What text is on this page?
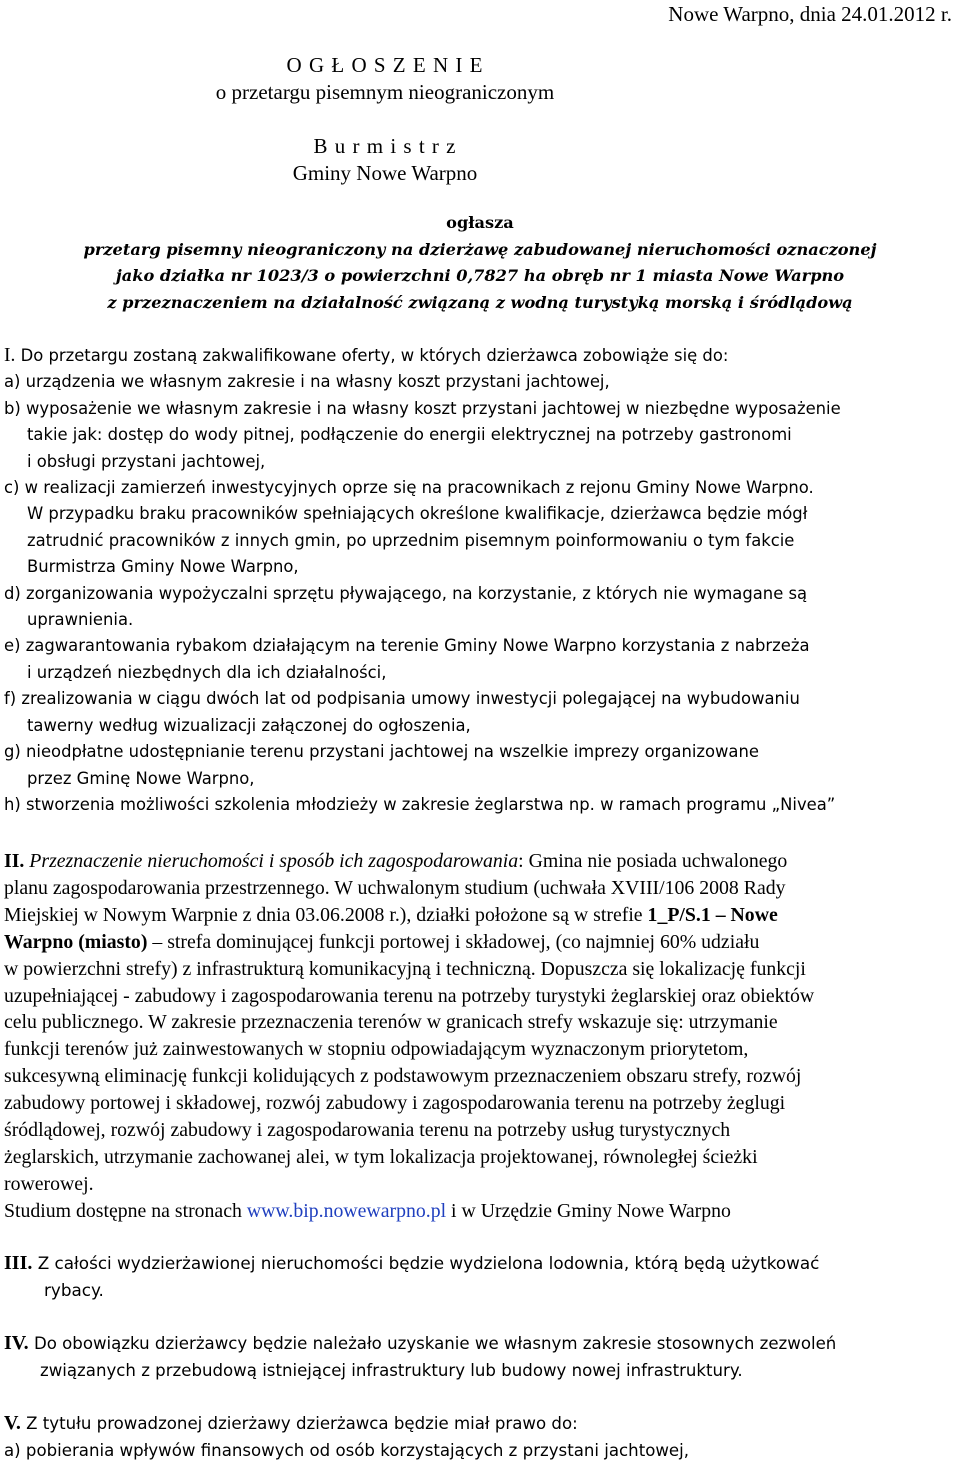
Nowe Warpno, dnia 24.01.2012 r.
O G Ł O S Z E N I E
o przetargu pisemnym nieograniczonym
B u r m i s t r z
Gminy Nowe Warpno
ogłasza
przetarg pisemny nieograniczony na dzierżawę zabudowanej nieruchomości oznaczonej
jako działka nr 1023/3 o powierzchni 0,7827 ha obręb nr 1 miasta Nowe Warpno
z przeznaczeniem na działalność związaną z wodną turystyką morską i śródlądową
I. Do przetargu zostaną zakwalifikowane oferty, w których dzierżawca zobowiąże się do:
a) urządzenia we własnym zakresie i na własny koszt przystani jachtowej,
b) wyposażenie we własnym zakresie i na własny koszt przystani jachtowej w niezbędne wyposażenie
takie jak: dostęp do wody pitnej, podłączenie do energii elektrycznej na potrzeby gastronomi
i obsługi przystani jachtowej,
c) w realizacji zamierzeń inwestycyjnych oprze się na pracownikach z rejonu Gminy Nowe Warpno.
W przypadku braku pracowników spełniających określone kwalifikacje, dzierżawca będzie mógł
zatrudnić pracowników z innych gmin, po uprzednim pisemnym poinformowaniu o tym fakcie
Burmistrza Gminy Nowe Warpno,
d) zorganizowania wypożyczalni sprzętu pływającego, na korzystanie, z których nie wymagane są
uprawnienia.
e) zagwarantowania rybakom działającym na terenie Gminy Nowe Warpno korzystania z nabrzeża
i urządzeń niezbędnych dla ich działalności,
f) zrealizowania w ciągu dwóch lat od podpisania umowy inwestycji polegającej na wybudowaniu
tawerny według wizualizacji załączonej do ogłoszenia,
g) nieodpłatne udostępnianie terenu przystani jachtowej na wszelkie imprezy organizowane
przez Gminę Nowe Warpno,
h) stworzenia możliwości szkolenia młodzieży w zakresie żeglarstwa np. w ramach programu „Nivea”
II. Przeznaczenie nieruchomości i sposób ich zagospodarowania: Gmina nie posiada uchwalonego
planu zagospodarowania przestrzennego. W uchwalonym studium (uchwała XVIII/106 2008 Rady
Miejskiej w Nowym Warpnie z dnia 03.06.2008 r.), działki położone są w strefie 1_P/S.1 – Nowe
Warpno (miasto) – strefa dominującej funkcji portowej i składowej, (co najmniej 60% udziału
w powierzchni strefy) z infrastrukturą komunikacyjną i techniczną. Dopuszcza się lokalizację funkcji
uzupełniającej - zabudowy i zagospodarowania terenu na potrzeby turystyki żeglarskiej oraz obiektów
celu publicznego. W zakresie przeznaczenia terenów w granicach strefy wskazuje się: utrzymanie
funkcji terenów już zainwestowanych w stopniu odpowiadającym wyznaczonym priorytetom,
sukcesywną eliminację funkcji kolidujących z podstawowym przeznaczeniem obszaru strefy, rozwój
zabudowy portowej i składowej, rozwój zabudowy i zagospodarowania terenu na potrzeby żeglugi
śródlądowej, rozwój zabudowy i zagospodarowania terenu na potrzeby usług turystycznych
żeglarskich, utrzymanie zachowanej alei, w tym lokalizacja projektowanej, równoległej ścieżki
rowerowej.
Studium dostępne na stronach www.bip.nowewarpno.pl i w Urzędzie Gminy Nowe Warpno
III. Z całości wydzierżawionej nieruchomości będzie wydzielona lodownia, którą będą użytkować
rybacy.
IV. Do obowiązku dzierżawcy będzie należało uzyskanie we własnym zakresie stosownych zezwoleń
związanych z przebudową istniejącej infrastruktury lub budowy nowej infrastruktury.
V. Z tytułu prowadzonej dzierżawy dzierżawca będzie miał prawo do:
a) pobierania wpływów finansowych od osób korzystających z przystani jachtowej,
